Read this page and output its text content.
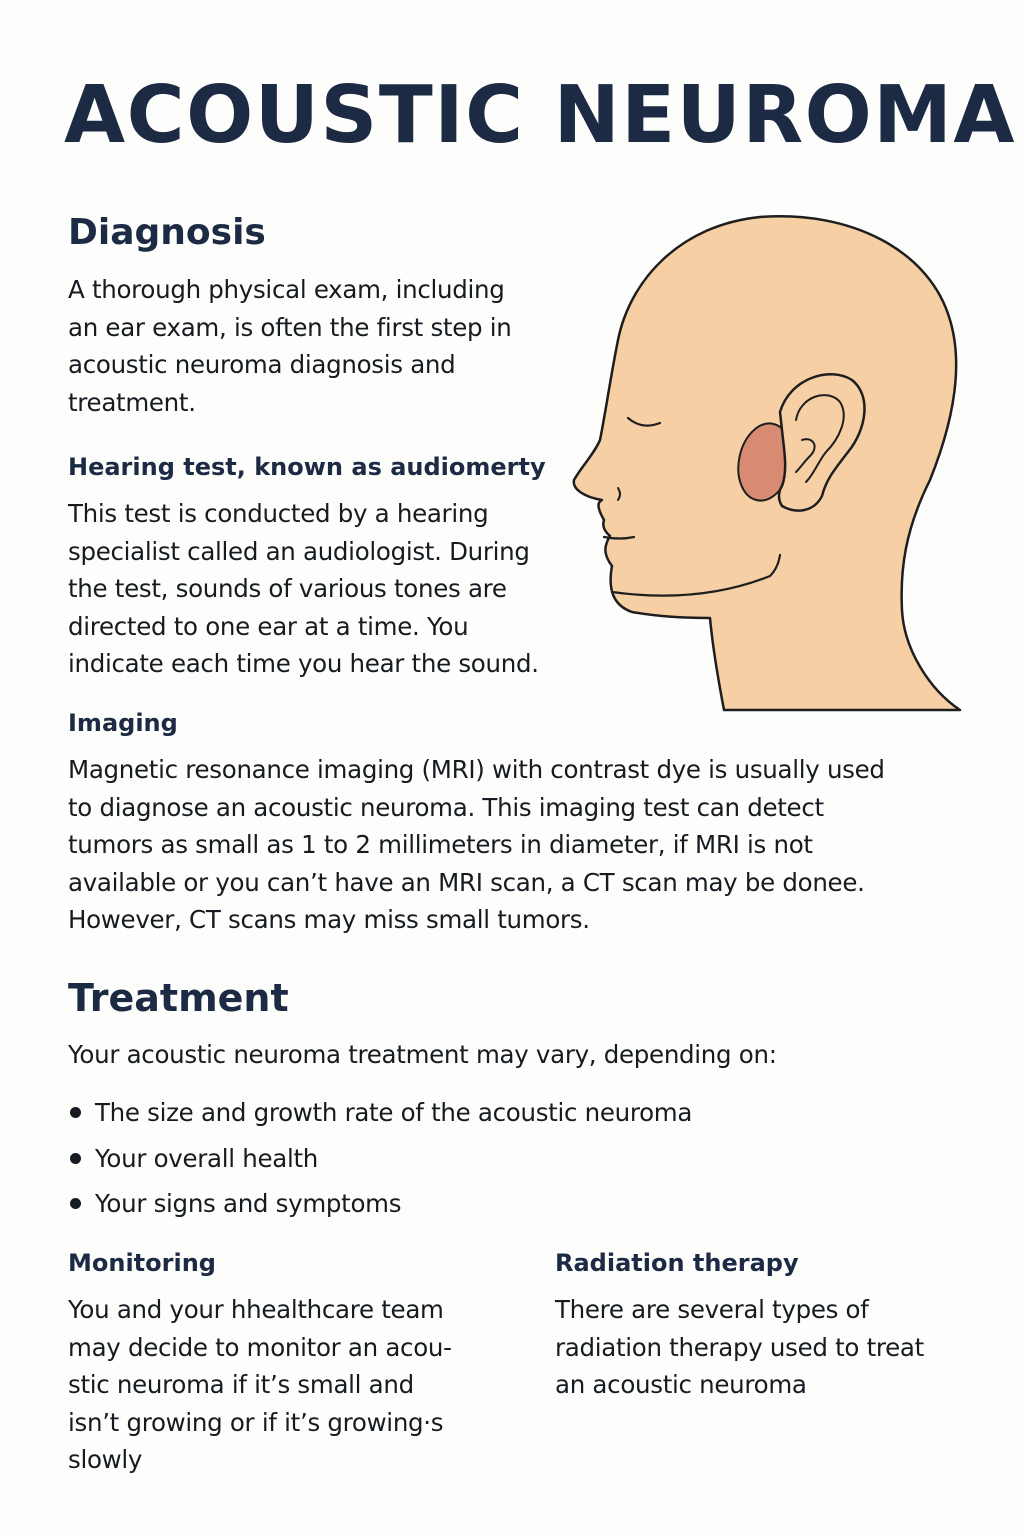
ACOUSTIC NEUROMA
Diagnosis

A thorough physical exam, including
an ear exam, is often the first step in
acoustic neuroma diagnosis and
treatment.

Hearing test, known as audiomerty

This test is conducted by a hearing
specialist called an audiologist. During
the test, sounds of various tones are
directed to one ear at a time. You
indicate each time you hear the sound.

Imaging

Magnetic resonance imaging (MRI) with contrast dye is usually used
to diagnose an acoustic neuroma. This imaging test can detect
tumors as small as 1 to 2 millimeters in diameter, if MRI is not
available or you can’t have an MRI scan, a CT scan may be donee.
However, CT scans may miss small tumors.

Treatment

Your acoustic neuroma treatment may vary, depending on:

The size and growth rate of the acoustic neuroma
Your overall health
Your signs and symptoms
Monitoring

You and your hhealthcare team
may decide to monitor an acou-
stic neuroma if it’s small and
isn’t growing or if it’s growing·s
slowly

Radiation therapy

There are several types of
radiation therapy used to treat
an acoustic neuroma
